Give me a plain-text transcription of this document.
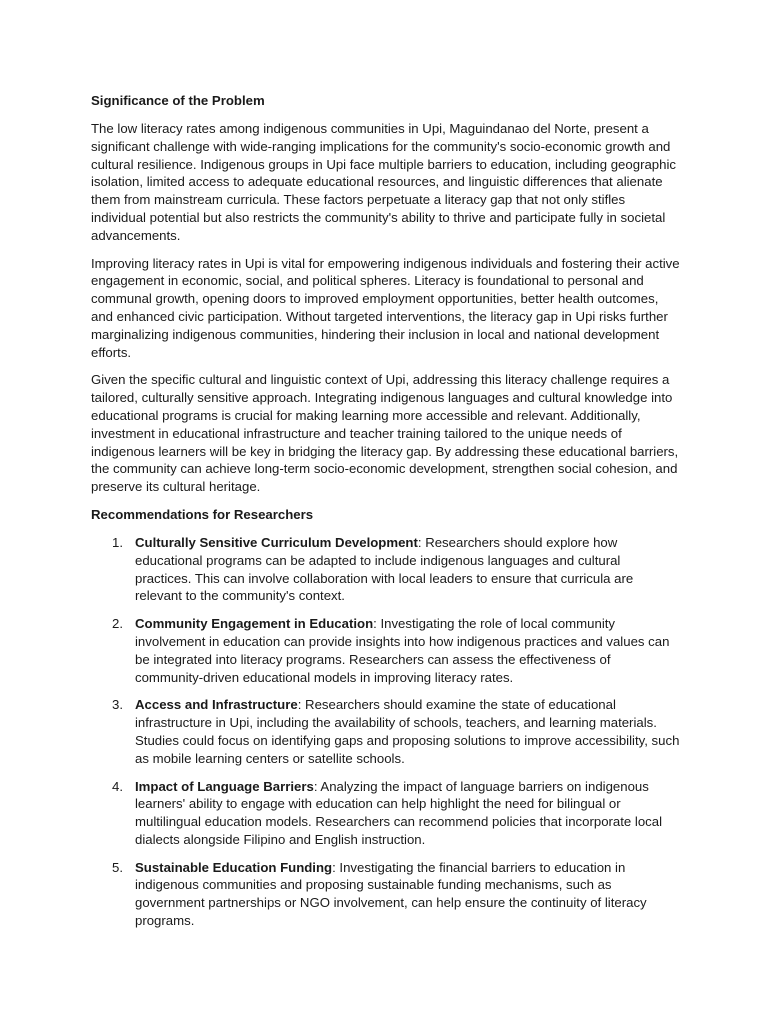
Significance of the Problem

The low literacy rates among indigenous communities in Upi, Maguindanao del Norte, present a significant challenge with wide-ranging implications for the community's socio-economic growth and cultural resilience. Indigenous groups in Upi face multiple barriers to education, including geographic isolation, limited access to adequate educational resources, and linguistic differences that alienate them from mainstream curricula. These factors perpetuate a literacy gap that not only stifles individual potential but also restricts the community's ability to thrive and participate fully in societal advancements.

Improving literacy rates in Upi is vital for empowering indigenous individuals and fostering their active engagement in economic, social, and political spheres. Literacy is foundational to personal and communal growth, opening doors to improved employment opportunities, better health outcomes, and enhanced civic participation. Without targeted interventions, the literacy gap in Upi risks further marginalizing indigenous communities, hindering their inclusion in local and national development efforts.

Given the specific cultural and linguistic context of Upi, addressing this literacy challenge requires a tailored, culturally sensitive approach. Integrating indigenous languages and cultural knowledge into educational programs is crucial for making learning more accessible and relevant. Additionally, investment in educational infrastructure and teacher training tailored to the unique needs of indigenous learners will be key in bridging the literacy gap. By addressing these educational barriers, the community can achieve long-term socio-economic development, strengthen social cohesion, and preserve its cultural heritage.

Recommendations for Researchers
1. Culturally Sensitive Curriculum Development: Researchers should explore how educational programs can be adapted to include indigenous languages and cultural practices. This can involve collaboration with local leaders to ensure that curricula are relevant to the community's context.
2. Community Engagement in Education: Investigating the role of local community involvement in education can provide insights into how indigenous practices and values can be integrated into literacy programs. Researchers can assess the effectiveness of community-driven educational models in improving literacy rates.
3. Access and Infrastructure: Researchers should examine the state of educational infrastructure in Upi, including the availability of schools, teachers, and learning materials. Studies could focus on identifying gaps and proposing solutions to improve accessibility, such as mobile learning centers or satellite schools.
4. Impact of Language Barriers: Analyzing the impact of language barriers on indigenous learners' ability to engage with education can help highlight the need for bilingual or multilingual education models. Researchers can recommend policies that incorporate local dialects alongside Filipino and English instruction.
5. Sustainable Education Funding: Investigating the financial barriers to education in indigenous communities and proposing sustainable funding mechanisms, such as government partnerships or NGO involvement, can help ensure the continuity of literacy programs.
